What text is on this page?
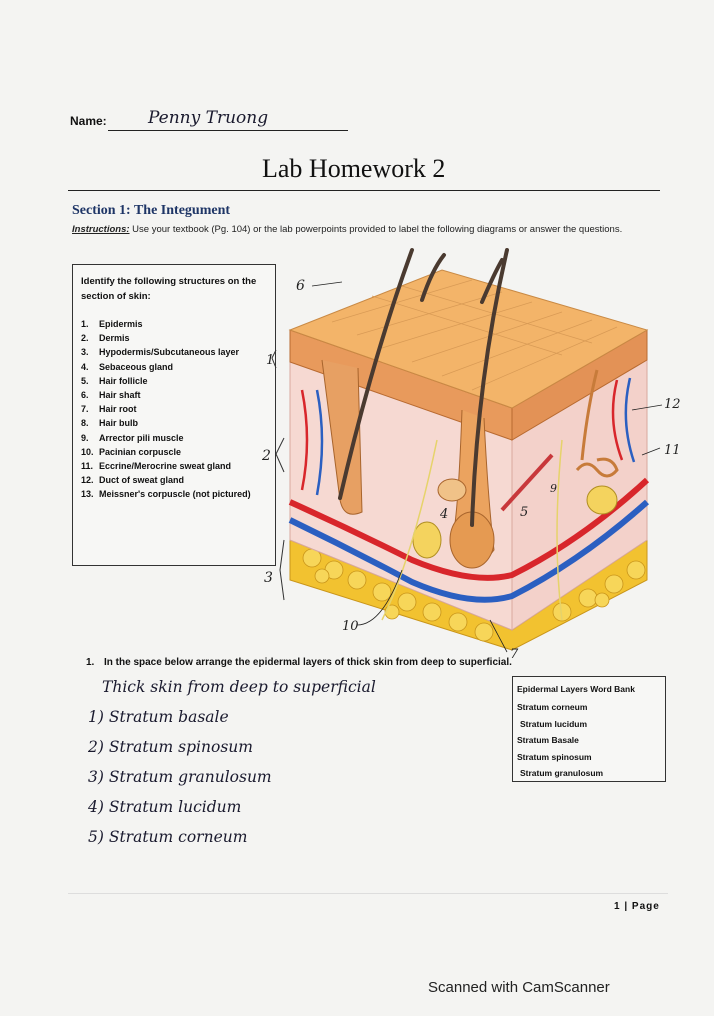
Name: Penny Truong
Lab Homework 2
Section 1: The Integument
Instructions: Use your textbook (Pg. 104) or the lab powerpoints provided to label the following diagrams or answer the questions.
Identify the following structures on the section of skin:
1.	Epidermis
2.	Dermis
3.	Hypodermis/Subcutaneous layer
4.	Sebaceous gland
5.	Hair follicle
6.	Hair shaft
7.	Hair root
8.	Hair bulb
9.	Arrector pili muscle
10. Pacinian corpuscle
11. Eccrine/Merocrine sweat gland
12. Duct of sweat gland
13. Meissner's corpuscle (not pictured)
6
1
2
3
4	5
9
10
7
11
12
1. In the space below arrange the epidermal layers of thick skin from deep to superficial.
Thick skin from deep to superficial
1) Stratum basale
2) Stratum spinosum
3) Stratum granulosum
4) Stratum lucidum
5) Stratum corneum
Epidermal Layers Word Bank
Stratum corneum
Stratum lucidum
Stratum Basale
Stratum spinosum
Stratum granulosum
1 | Page
Scanned with CamScanner
